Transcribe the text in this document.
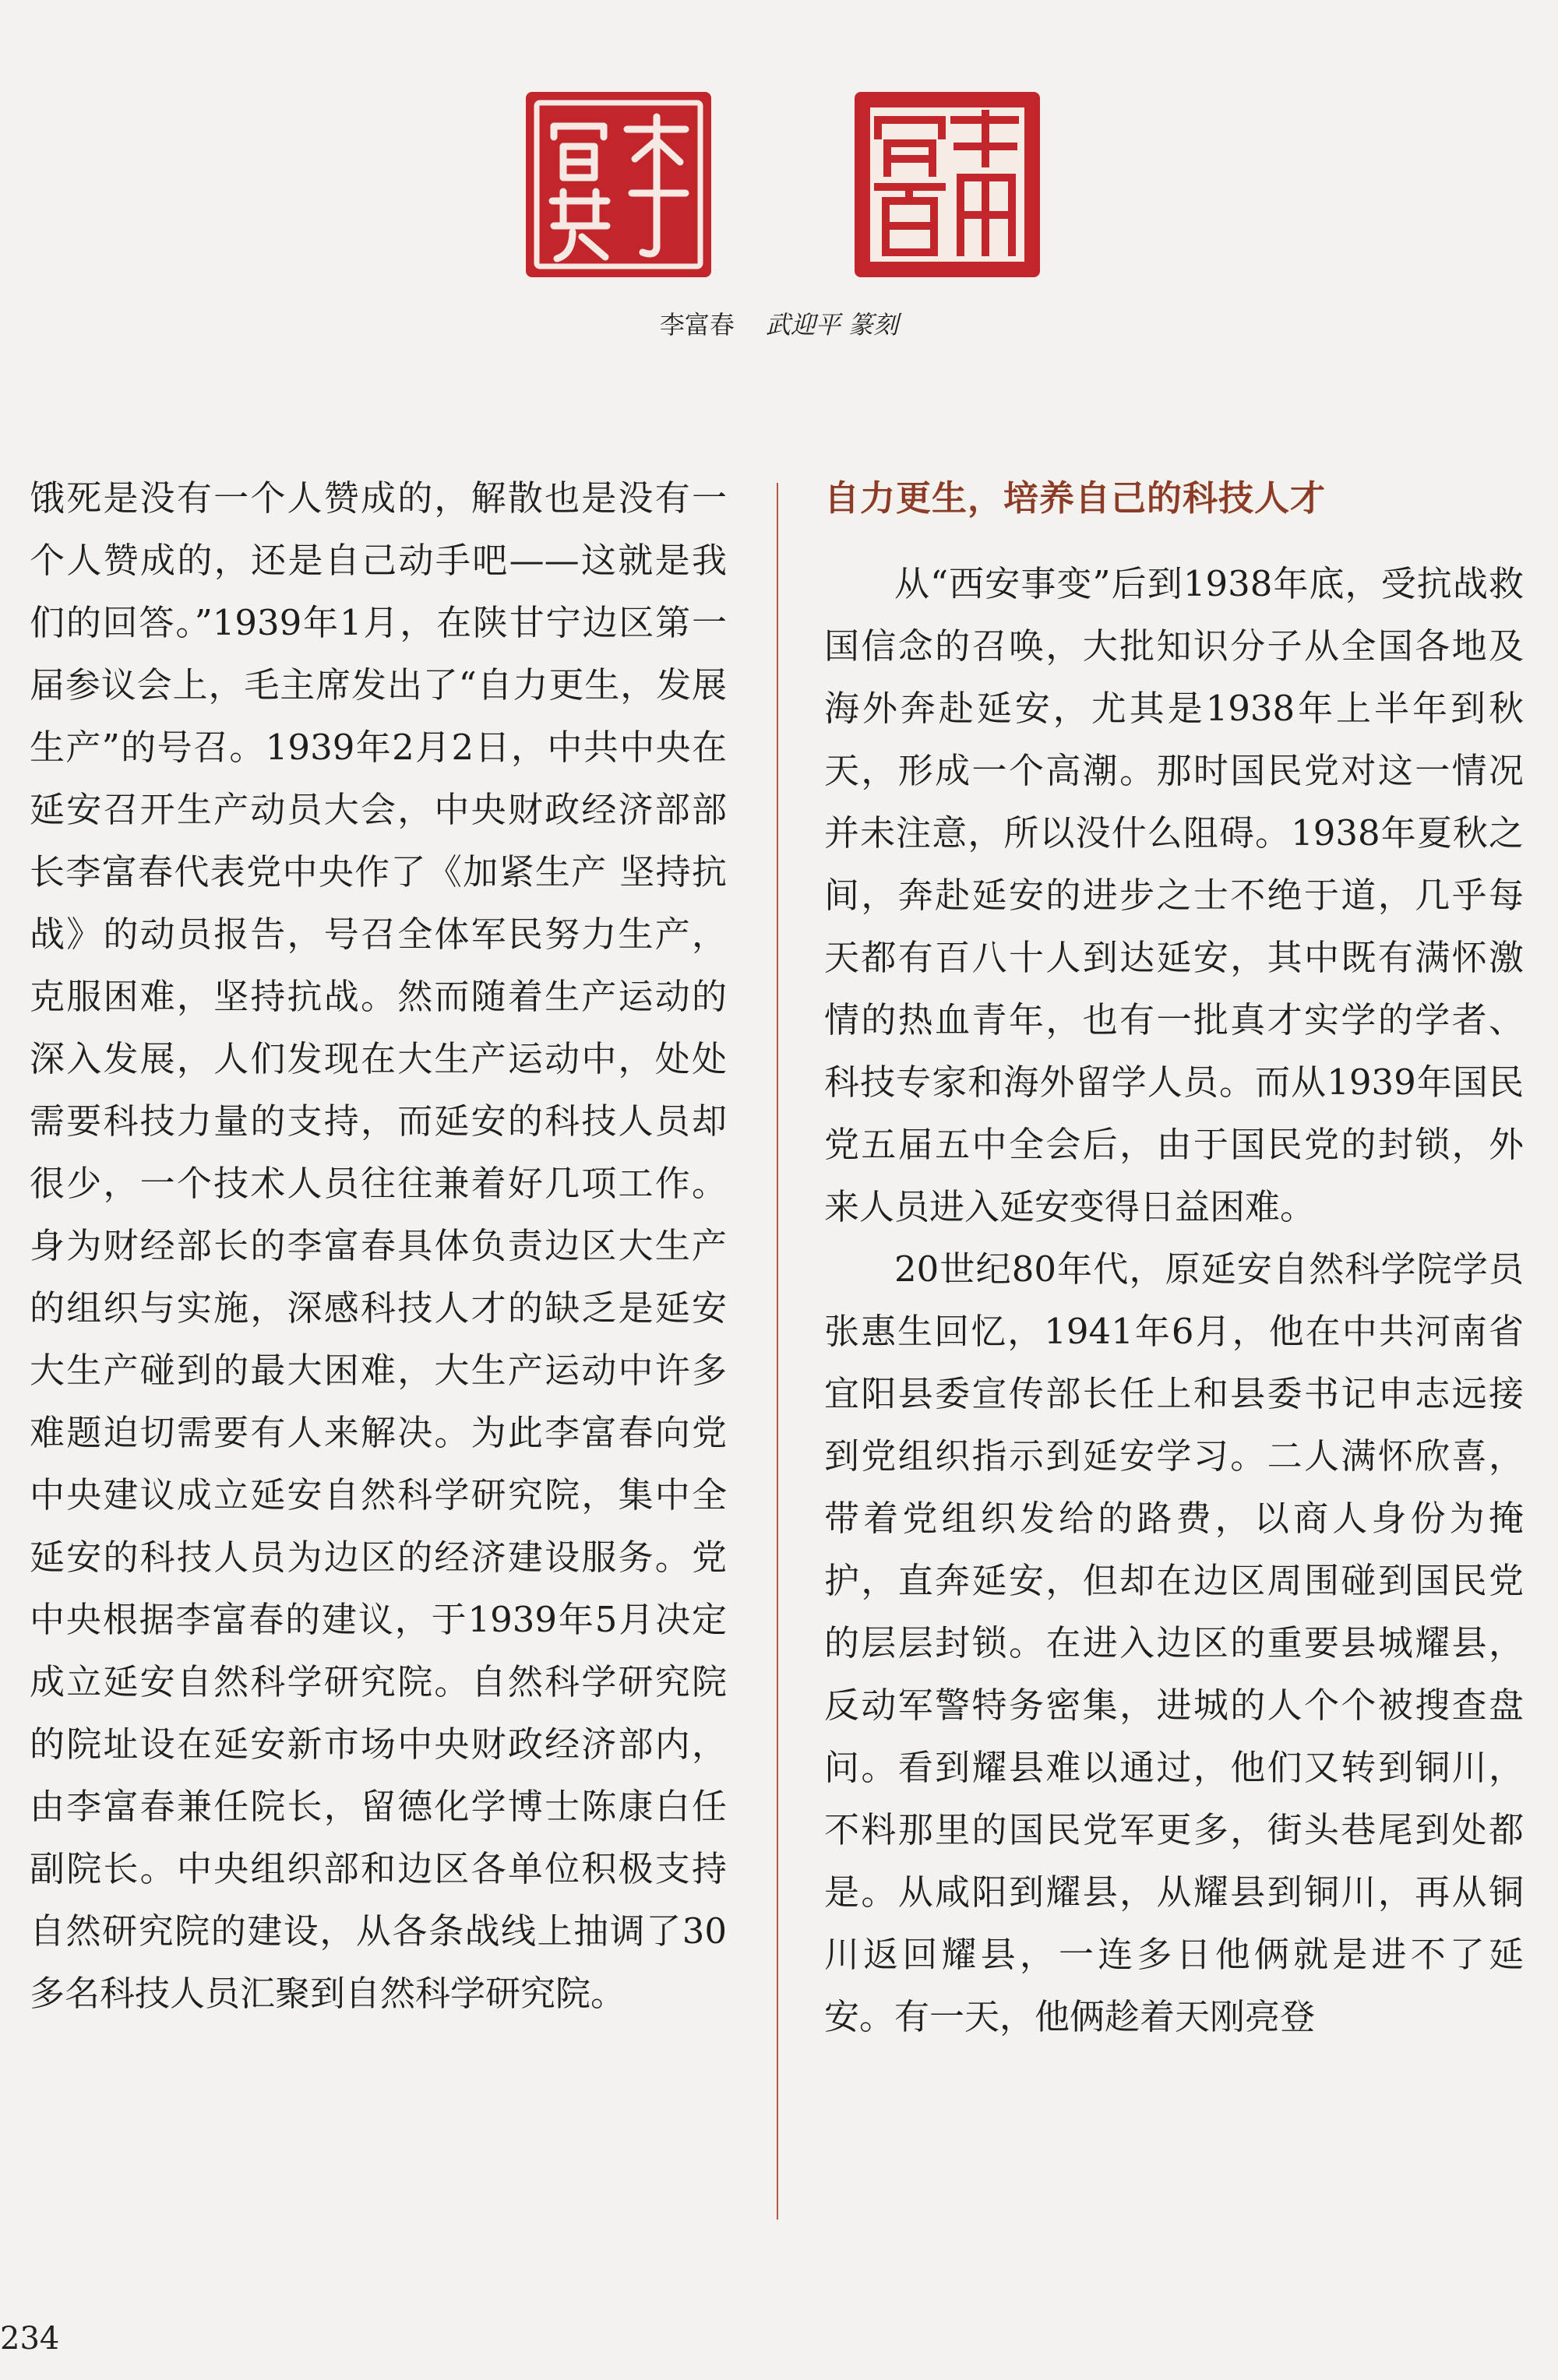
李富春 武迎平 篆刻

饿死是没有一个人赞成的，解散也是没有一个人赞成的，还是自己动手吧——这就是我们的回答。”1939年1月，在陕甘宁边区第一届参议会上，毛主席发出了“自力更生，发展生产”的号召。1939年2月2日，中共中央在延安召开生产动员大会，中央财政经济部部长李富春代表党中央作了《加紧生产 坚持抗战》的动员报告，号召全体军民努力生产，克服困难，坚持抗战。然而随着生产运动的深入发展，人们发现在大生产运动中，处处需要科技力量的支持，而延安的科技人员却很少，一个技术人员往往兼着好几项工作。身为财经部长的李富春具体负责边区大生产的组织与实施，深感科技人才的缺乏是延安大生产碰到的最大困难，大生产运动中许多难题迫切需要有人来解决。为此李富春向党中央建议成立延安自然科学研究院，集中全延安的科技人员为边区的经济建设服务。党中央根据李富春的建议，于1939年5月决定成立延安自然科学研究院。自然科学研究院的院址设在延安新市场中央财政经济部内，由李富春兼任院长，留德化学博士陈康白任副院长。中央组织部和边区各单位积极支持自然研究院的建设，从各条战线上抽调了30多名科技人员汇聚到自然科学研究院。

自力更生，培养自己的科技人才

从“西安事变”后到1938年底，受抗战救国信念的召唤，大批知识分子从全国各地及海外奔赴延安，尤其是1938年上半年到秋天，形成一个高潮。那时国民党对这一情况并未注意，所以没什么阻碍。1938年夏秋之间，奔赴延安的进步之士不绝于道，几乎每天都有百八十人到达延安，其中既有满怀激情的热血青年，也有一批真才实学的学者、科技专家和海外留学人员。而从1939年国民党五届五中全会后，由于国民党的封锁，外来人员进入延安变得日益困难。

20世纪80年代，原延安自然科学院学员张惠生回忆，1941年6月，他在中共河南省宜阳县委宣传部长任上和县委书记申志远接到党组织指示到延安学习。二人满怀欣喜，带着党组织发给的路费，以商人身份为掩护，直奔延安，但却在边区周围碰到国民党的层层封锁。在进入边区的重要县城耀县，反动军警特务密集，进城的人个个被搜查盘问。看到耀县难以通过，他们又转到铜川，不料那里的国民党军更多，街头巷尾到处都是。从咸阳到耀县，从耀县到铜川，再从铜川返回耀县，一连多日他俩就是进不了延安。有一天，他俩趁着天刚亮登

234
